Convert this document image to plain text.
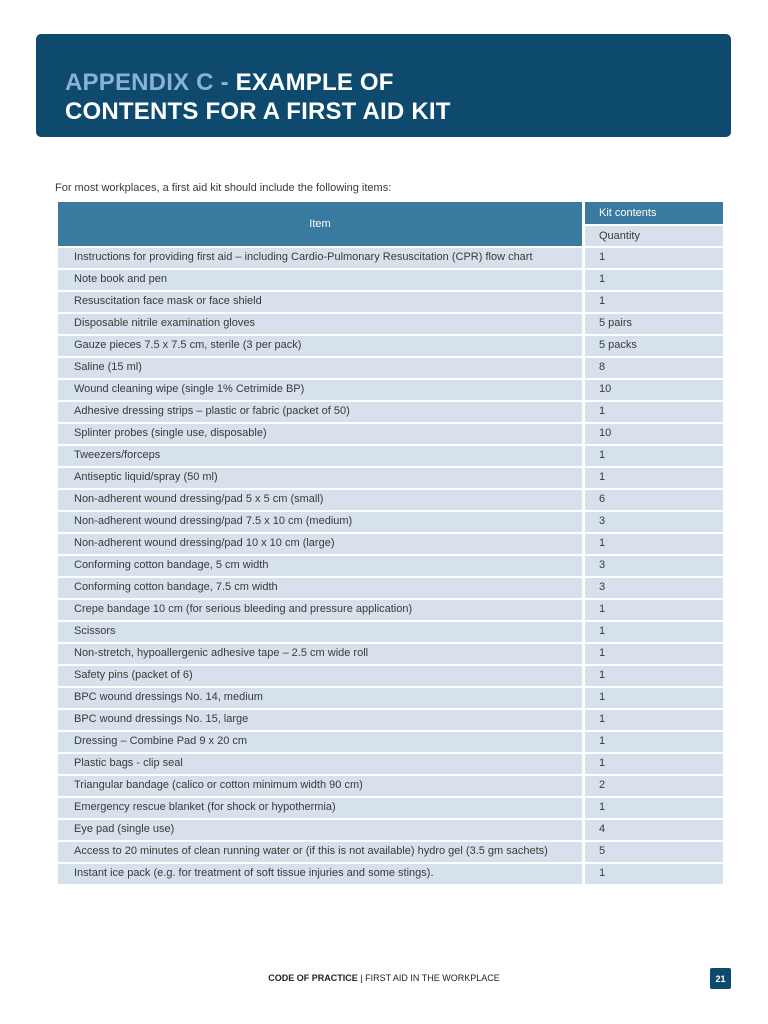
APPENDIX C - EXAMPLE OF
CONTENTS FOR A FIRST AID KIT
For most workplaces, a first aid kit should include the following items:
Item		Kit contents
		Quantity
Instructions for providing first aid – including Cardio-Pulmonary Resuscitation (CPR) flow chart		1
Note book and pen		1
Resuscitation face mask or face shield		1
Disposable nitrile examination gloves		5 pairs
Gauze pieces 7.5 x 7.5 cm, sterile (3 per pack)		5 packs
Saline (15 ml)		8
Wound cleaning wipe (single 1% Cetrimide BP)		10
Adhesive dressing strips – plastic or fabric (packet of 50)		1
Splinter probes (single use, disposable)		10
Tweezers/forceps		1
Antiseptic liquid/spray (50 ml)		1
Non-adherent wound dressing/pad 5 x 5 cm (small)		6
Non-adherent wound dressing/pad 7.5 x 10 cm (medium)		3
Non-adherent wound dressing/pad 10 x 10 cm (large)		1
Conforming cotton bandage, 5 cm width		3
Conforming cotton bandage, 7.5 cm width		3
Crepe bandage 10 cm (for serious bleeding and pressure application)		1
Scissors		1
Non-stretch, hypoallergenic adhesive tape – 2.5 cm wide roll		1
Safety pins (packet of 6)		1
BPC wound dressings No. 14, medium		1
BPC wound dressings No. 15, large		1
Dressing – Combine Pad 9 x 20 cm		1
Plastic bags - clip seal		1
Triangular bandage (calico or cotton minimum width 90 cm)		2
Emergency rescue blanket (for shock or hypothermia)		1
Eye pad (single use)		4
Access to 20 minutes of clean running water or (if this is not available) hydro gel (3.5 gm sachets)		5
Instant ice pack (e.g. for treatment of soft tissue injuries and some stings).		1
CODE OF PRACTICE | FIRST AID IN THE WORKPLACE	21
